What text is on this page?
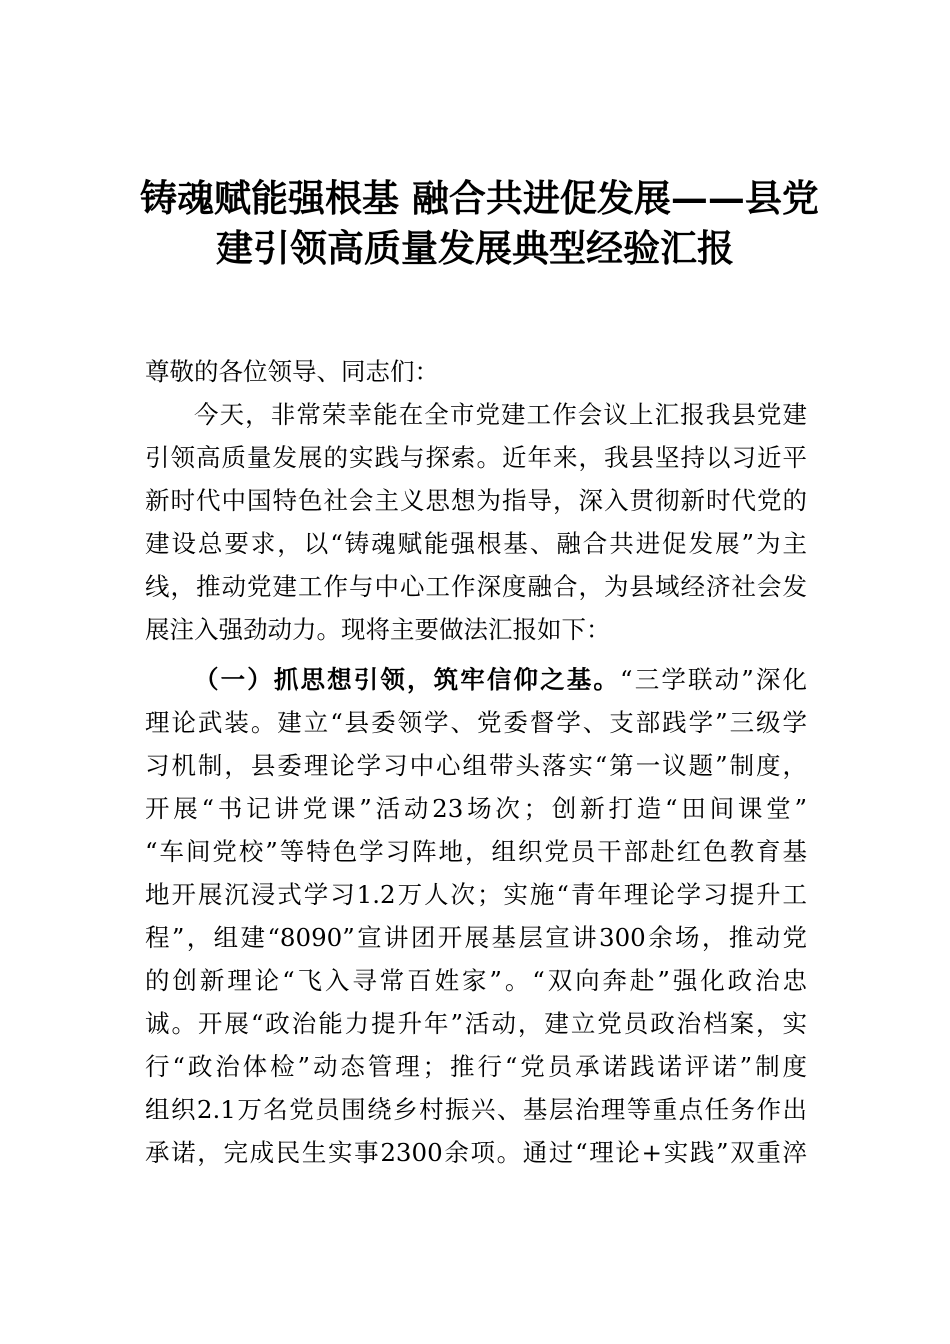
铸魂赋能强根基 融合共进促发展——县党
建引领高质量发展典型经验汇报
尊敬的各位领导、同志们：
今天，非常荣幸能在全市党建工作会议上汇报我县党建
引领高质量发展的实践与探索。近年来，我县坚持以习近平
新时代中国特色社会主义思想为指导，深入贯彻新时代党的
建设总要求，以“铸魂赋能强根基、融合共进促发展”为主
线，推动党建工作与中心工作深度融合，为县域经济社会发
展注入强劲动力。现将主要做法汇报如下：
（一）抓思想引领，筑牢信仰之基。“三学联动”深化
理论武装。建立“县委领学、党委督学、支部践学”三级学
习机制，县委理论学习中心组带头落实“第一议题”制度，
开展“书记讲党课”活动23场次；创新打造“田间课堂”
“车间党校”等特色学习阵地，组织党员干部赴红色教育基
地开展沉浸式学习1.2万人次；实施“青年理论学习提升工
程”，组建“8090”宣讲团开展基层宣讲300余场，推动党
的创新理论“飞入寻常百姓家”。“双向奔赴”强化政治忠
诚。开展“政治能力提升年”活动，建立党员政治档案，实
行“政治体检”动态管理；推行“党员承诺践诺评诺”制度
组织2.1万名党员围绕乡村振兴、基层治理等重点任务作出
承诺，完成民生实事2300余项。通过“理论+实践”双重淬
